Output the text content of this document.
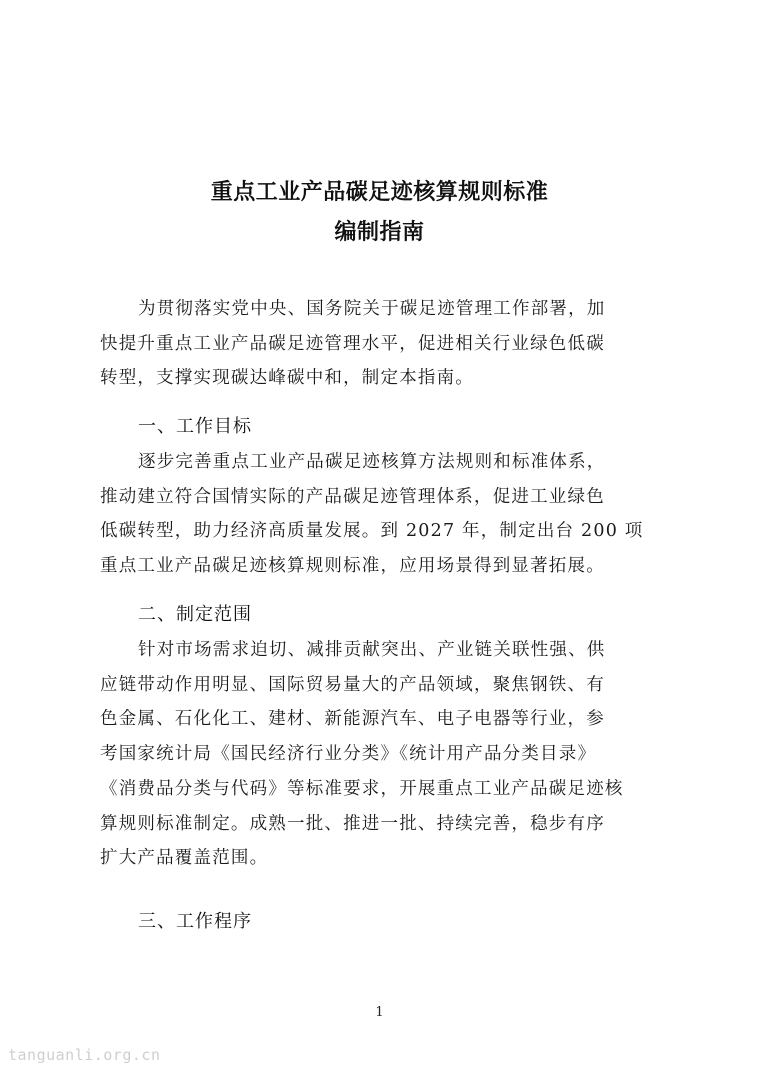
重点工业产品碳足迹核算规则标准
编制指南
为贯彻落实党中央、国务院关于碳足迹管理工作部署，加
快提升重点工业产品碳足迹管理水平，促进相关行业绿色低碳
转型，支撑实现碳达峰碳中和，制定本指南。
一、工作目标
逐步完善重点工业产品碳足迹核算方法规则和标准体系，
推动建立符合国情实际的产品碳足迹管理体系，促进工业绿色
低碳转型，助力经济高质量发展。到 2027 年，制定出台 200 项
重点工业产品碳足迹核算规则标准，应用场景得到显著拓展。
二、制定范围
针对市场需求迫切、减排贡献突出、产业链关联性强、供
应链带动作用明显、国际贸易量大的产品领域，聚焦钢铁、有
色金属、石化化工、建材、新能源汽车、电子电器等行业，参
考国家统计局《国民经济行业分类》《统计用产品分类目录》
《消费品分类与代码》等标准要求，开展重点工业产品碳足迹核
算规则标准制定。成熟一批、推进一批、持续完善，稳步有序
扩大产品覆盖范围。
三、工作程序
1
tanguanli.org.cn
